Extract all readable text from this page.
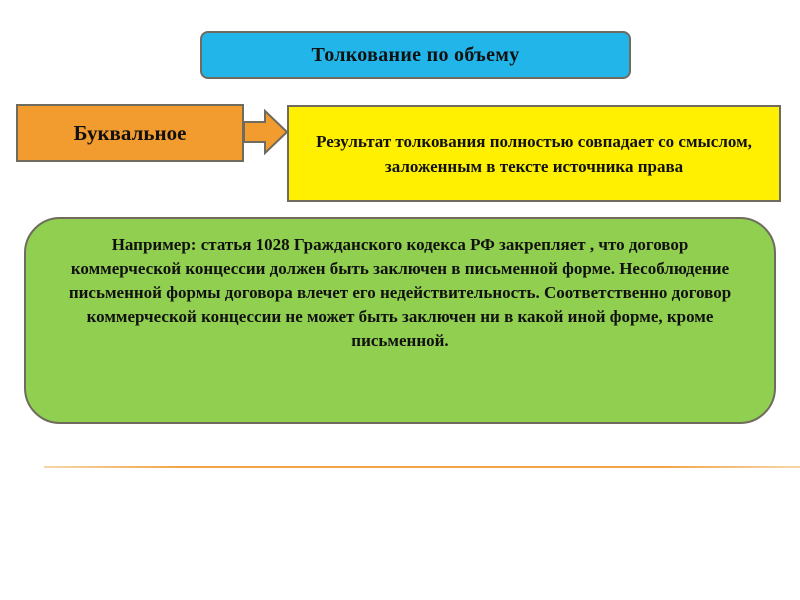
Толкование по объему
Буквальное	Результат толкования полностью совпадает со смыслом, заложенным в тексте источника права
Например: статья 1028 Гражданского кодекса РФ закрепляет , что договор коммерческой концессии должен быть заключен в письменной форме. Несоблюдение письменной формы договора влечет его недействительность. Соответственно договор коммерческой концессии не может быть заключен ни в какой иной форме, кроме письменной.
